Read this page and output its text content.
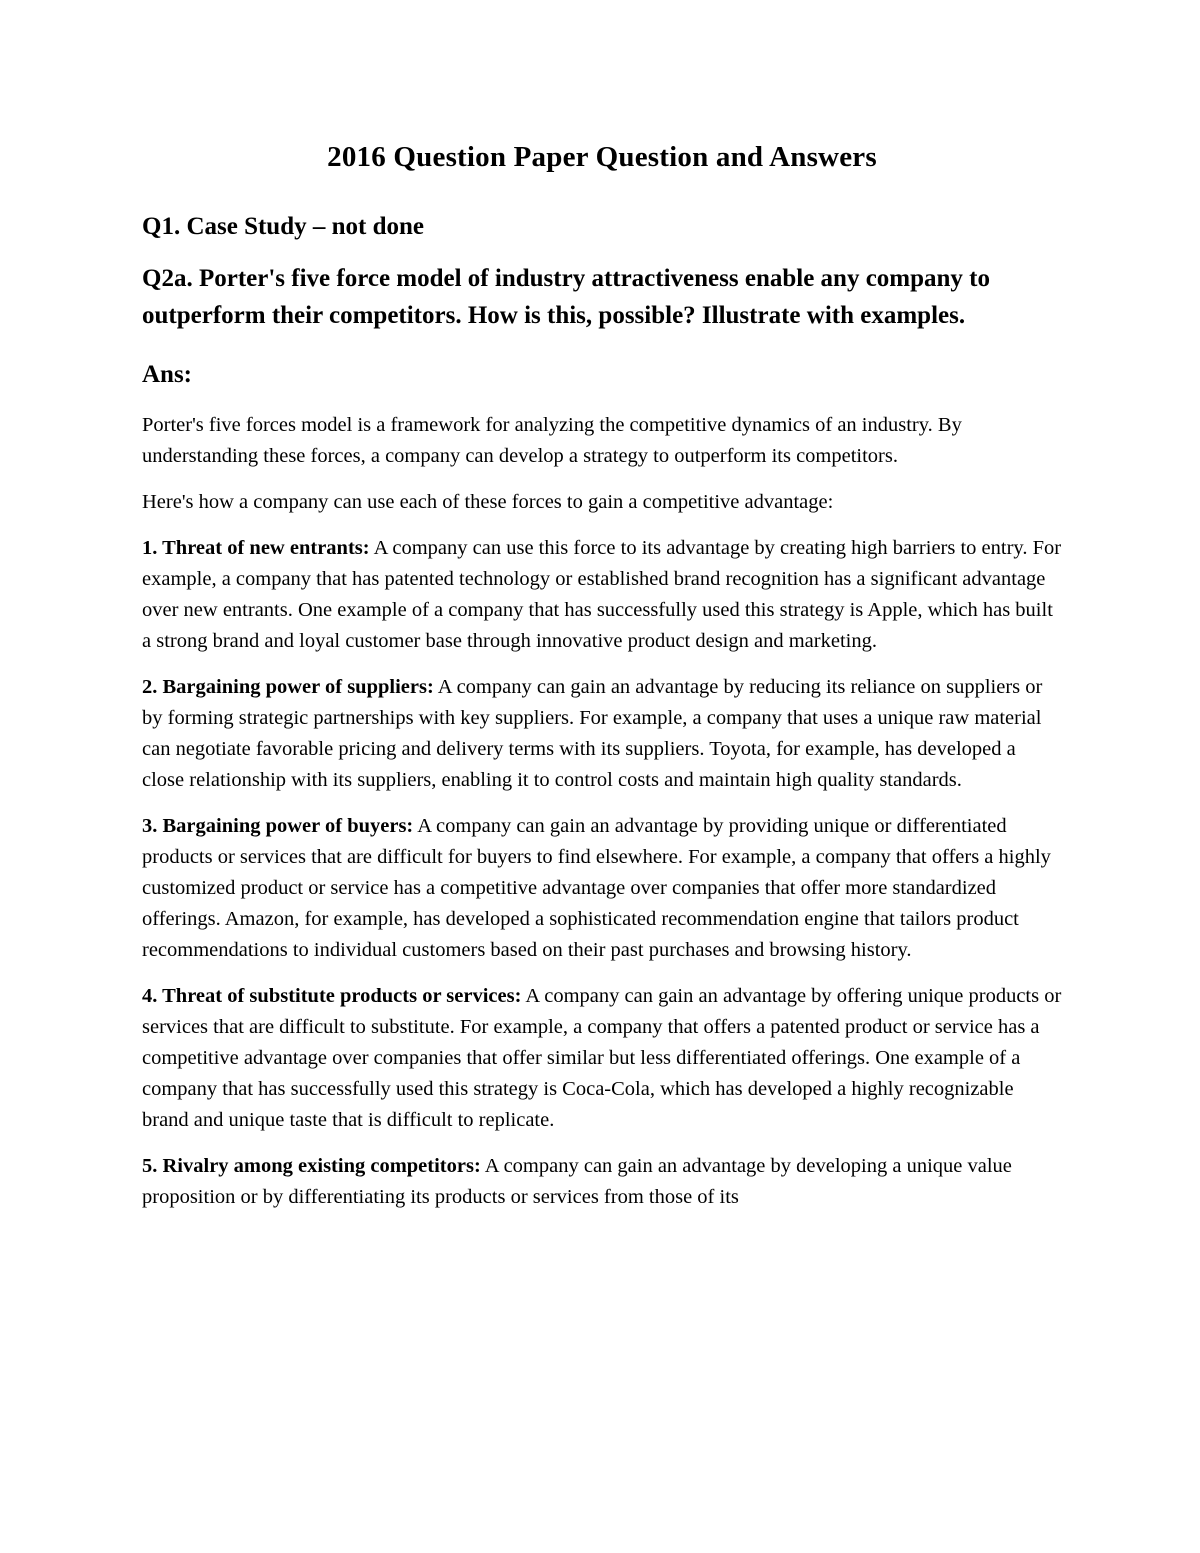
2016 Question Paper Question and Answers
Q1. Case Study – not done
Q2a. Porter's five force model of industry attractiveness enable any company to outperform their competitors. How is this, possible? Illustrate with examples.
Ans:

Porter's five forces model is a framework for analyzing the competitive dynamics of an industry. By understanding these forces, a company can develop a strategy to outperform its competitors.

Here's how a company can use each of these forces to gain a competitive advantage:

1. Threat of new entrants: A company can use this force to its advantage by creating high barriers to entry. For example, a company that has patented technology or established brand recognition has a significant advantage over new entrants. One example of a company that has successfully used this strategy is Apple, which has built a strong brand and loyal customer base through innovative product design and marketing.

2. Bargaining power of suppliers: A company can gain an advantage by reducing its reliance on suppliers or by forming strategic partnerships with key suppliers. For example, a company that uses a unique raw material can negotiate favorable pricing and delivery terms with its suppliers. Toyota, for example, has developed a close relationship with its suppliers, enabling it to control costs and maintain high quality standards.

3. Bargaining power of buyers: A company can gain an advantage by providing unique or differentiated products or services that are difficult for buyers to find elsewhere. For example, a company that offers a highly customized product or service has a competitive advantage over companies that offer more standardized offerings. Amazon, for example, has developed a sophisticated recommendation engine that tailors product recommendations to individual customers based on their past purchases and browsing history.

4. Threat of substitute products or services: A company can gain an advantage by offering unique products or services that are difficult to substitute. For example, a company that offers a patented product or service has a competitive advantage over companies that offer similar but less differentiated offerings. One example of a company that has successfully used this strategy is Coca-Cola, which has developed a highly recognizable brand and unique taste that is difficult to replicate.

5. Rivalry among existing competitors: A company can gain an advantage by developing a unique value proposition or by differentiating its products or services from those of its
